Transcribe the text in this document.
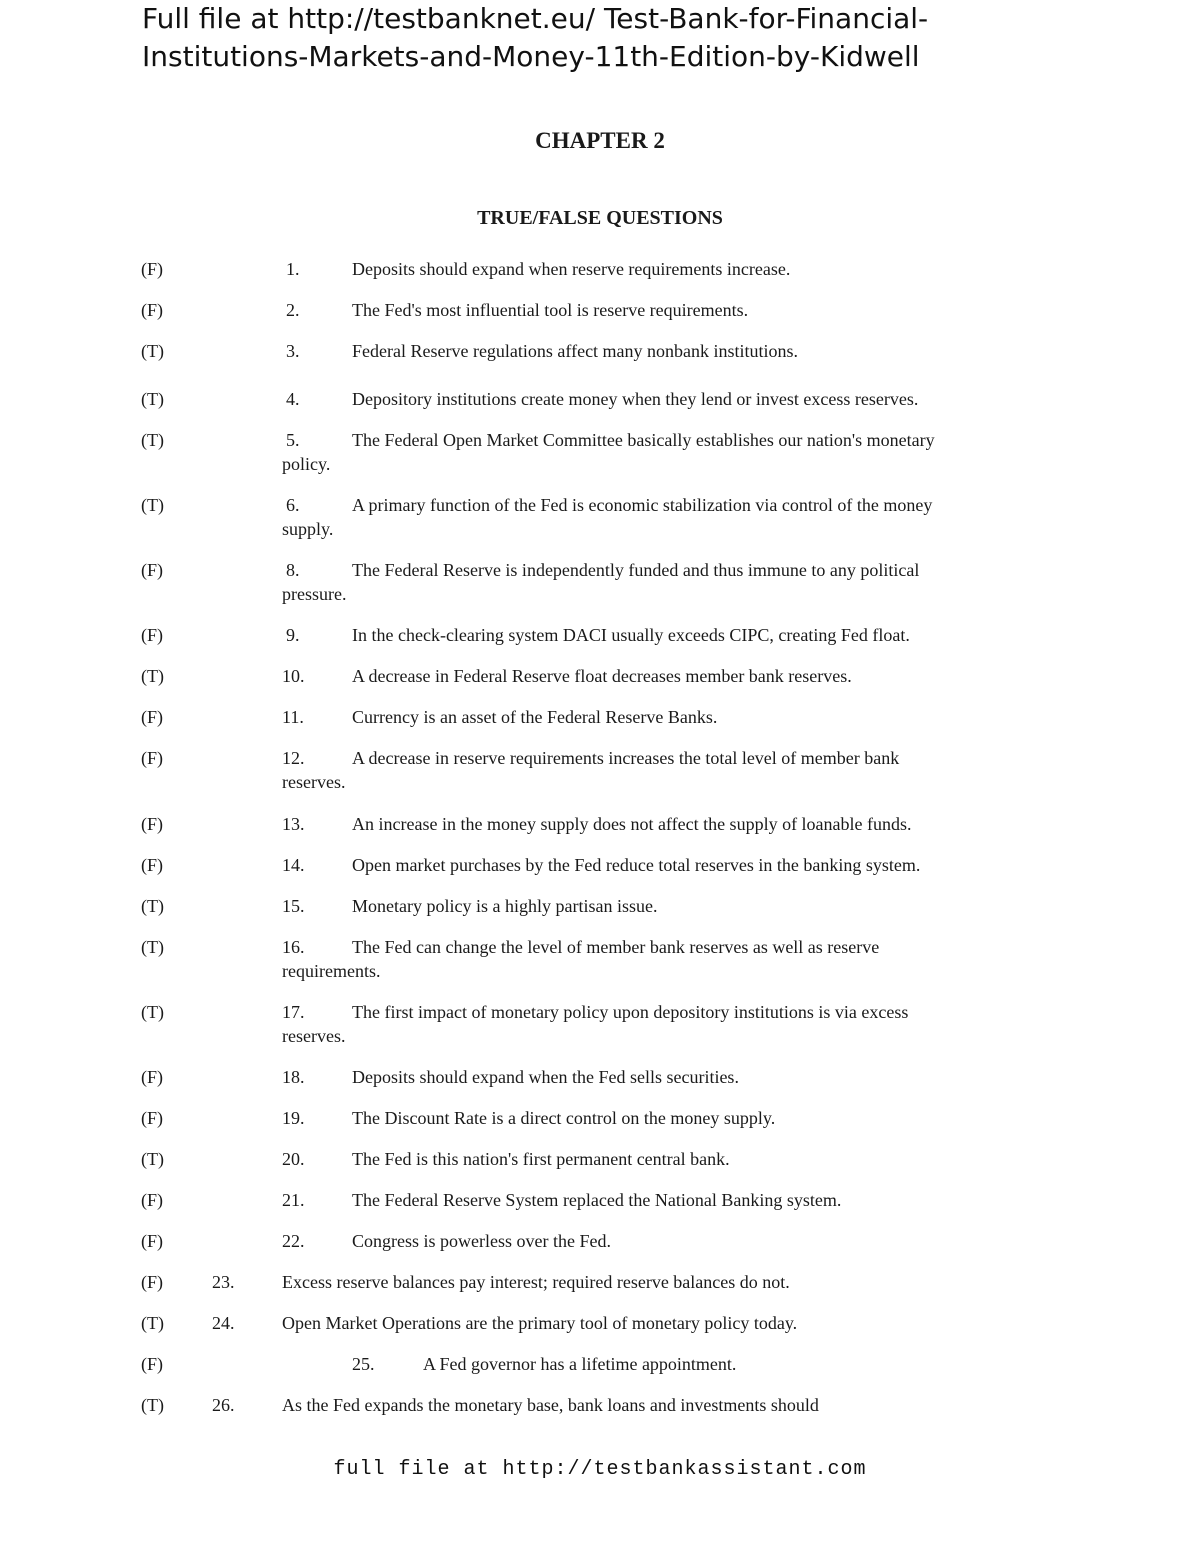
Full file at http://testbanknet.eu/ Test-Bank-for-Financial-
Institutions-Markets-and-Money-11th-Edition-by-Kidwell
CHAPTER 2
TRUE/FALSE QUESTIONS
(F)	1.	Deposits should expand when reserve requirements increase.
(F)	2.	The Fed's most influential tool is reserve requirements.
(T)	3.	Federal Reserve regulations affect many nonbank institutions.
(T)	4.	Depository institutions create money when they lend or invest excess reserves.
(T)	5.	The Federal Open Market Committee basically establishes our nation's monetary
policy.
(T)	6.	A primary function of the Fed is economic stabilization via control of the money
supply.
(F)	8.	The Federal Reserve is independently funded and thus immune to any political
pressure.
(F)	9.	In the check-clearing system DACI usually exceeds CIPC, creating Fed float.
(T)	10.	A decrease in Federal Reserve float decreases member bank reserves.
(F)	11.	Currency is an asset of the Federal Reserve Banks.
(F)	12.	A decrease in reserve requirements increases the total level of member bank
reserves.
(F)	13.	An increase in the money supply does not affect the supply of loanable funds.
(F)	14.	Open market purchases by the Fed reduce total reserves in the banking system.
(T)	15.	Monetary policy is a highly partisan issue.
(T)	16.	The Fed can change the level of member bank reserves as well as reserve
requirements.
(T)	17.	The first impact of monetary policy upon depository institutions is via excess
reserves.
(F)	18.	Deposits should expand when the Fed sells securities.
(F)	19.	The Discount Rate is a direct control on the money supply.
(T)	20.	The Fed is this nation's first permanent central bank.
(F)	21.	The Federal Reserve System replaced the National Banking system.
(F)	22.	Congress is powerless over the Fed.
(F)	23.	Excess reserve balances pay interest; required reserve balances do not.
(T)	24.	Open Market Operations are the primary tool of monetary policy today.
(F)	25.	A Fed governor has a lifetime appointment.
(T)	26.	As the Fed expands the monetary base, bank loans and investments should
full file at http://testbankassistant.com
